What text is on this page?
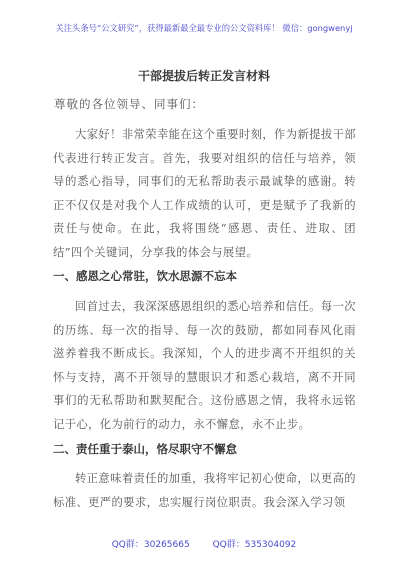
关注头条号“公文研究”，获得最新最全最专业的公文资料库！ 微信：gongwenyj
干部提拔后转正发言材料
尊敬的各位领导、同事们：

大家好！非常荣幸能在这个重要时刻，作为新提拔干部代表进行转正发言。首先，我要对组织的信任与培养，领导的悉心指导，同事们的无私帮助表示最诚挚的感谢。转正不仅仅是对我个人工作成绩的认可，更是赋予了我新的责任与使命。在此，我将围绕“感恩、责任、进取、团结”四个关键词，分享我的体会与展望。

一、感恩之心常驻，饮水思源不忘本

回首过去，我深深感恩组织的悉心培养和信任。每一次的历练、每一次的指导、每一次的鼓励，都如同春风化雨滋养着我不断成长。我深知，个人的进步离不开组织的关怀与支持，离不开领导的慧眼识才和悉心栽培，离不开同事们的无私帮助和默契配合。这份感恩之情，我将永远铭记于心，化为前行的动力，永不懈怠，永不止步。

二、责任重于泰山，恪尽职守不懈怠

转正意味着责任的加重，我将牢记初心使命，以更高的标准、更严的要求，忠实履行岗位职责。我会深入学习领

QQ群：30265665	QQ群：535304092
